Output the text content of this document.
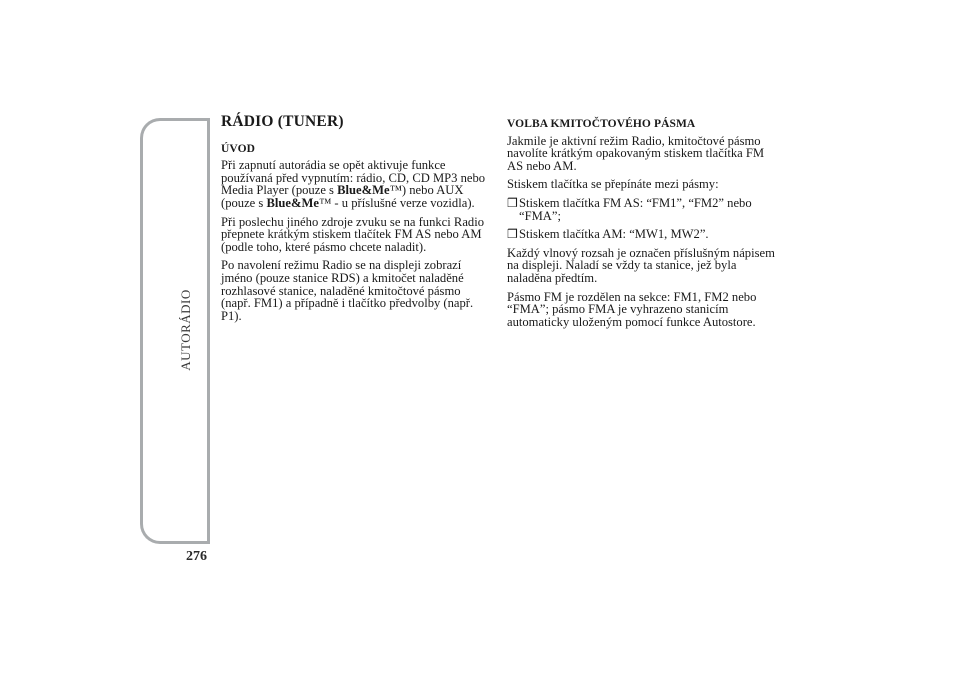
AUTORÁDIO
276
RÁDIO (TUNER)
ÚVOD

Při zapnutí autorádia se opět aktivuje funkce používaná před vypnutím: rádio, CD, CD MP3 nebo Media Player (pouze s Blue&Me™) nebo AUX (pouze s Blue&Me™ - u příslušné verze vozidla).

Při poslechu jiného zdroje zvuku se na funkci Radio přepnete krátkým stiskem tlačítek FM AS nebo AM (podle toho, které pásmo chcete naladit).

Po navolení režimu Radio se na displeji zobrazí jméno (pouze stanice RDS) a kmitočet naladěné rozhlasové stanice, naladěné kmitočtové pásmo (např. FM1) a případně i tlačítko předvolby (např. P1).

VOLBA KMITOČTOVÉHO PÁSMA

Jakmile je aktivní režim Radio, kmitočtové pásmo navolíte krátkým opakovaným stiskem tlačítka FM AS nebo AM.

Stiskem tlačítka se přepínáte mezi pásmy:

❒ Stiskem tlačítka FM AS: “FM1”, “FM2” nebo “FMA”;
❒ Stiskem tlačítka AM: “MW1, MW2”.

Každý vlnový rozsah je označen příslušným nápisem na displeji. Naladí se vždy ta stanice, jež byla naladěna předtím.

Pásmo FM je rozdělen na sekce: FM1, FM2 nebo “FMA”; pásmo FMA je vyhrazeno stanicím automaticky uloženým pomocí funkce Autostore.
